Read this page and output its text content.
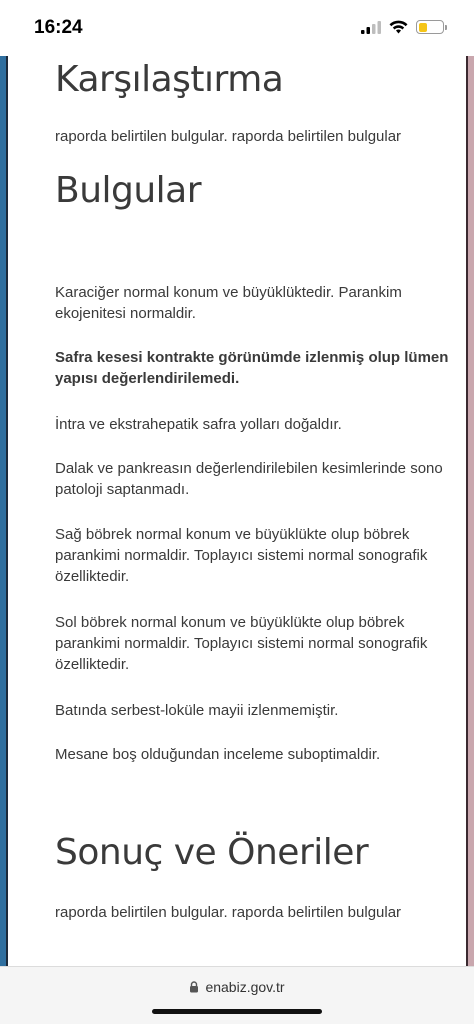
16:24
Karşılaştırma

raporda belirtilen bulgular. raporda belirtilen bulgular

Bulgular

Karaciğer normal konum ve büyüklüktedir. Parankim ekojenitesi normaldir.

Safra kesesi kontrakte görünümde izlenmiş olup lümen yapısı değerlendirilemedi.

İntra ve ekstrahepatik safra yolları doğaldır.

Dalak ve pankreasın değerlendirilebilen kesimlerinde sono patoloji saptanmadı.

Sağ böbrek normal konum ve büyüklükte olup böbrek parankimi normaldir. Toplayıcı sistemi normal sonografik özelliktedir.

Sol böbrek normal konum ve büyüklükte olup böbrek parankimi normaldir. Toplayıcı sistemi normal sonografik özelliktedir.

Batında serbest-loküle mayii izlenmemiştir.

Mesane boş olduğundan inceleme suboptimaldir.

Sonuç ve Öneriler

raporda belirtilen bulgular. raporda belirtilen bulgular

enabiz.gov.tr
